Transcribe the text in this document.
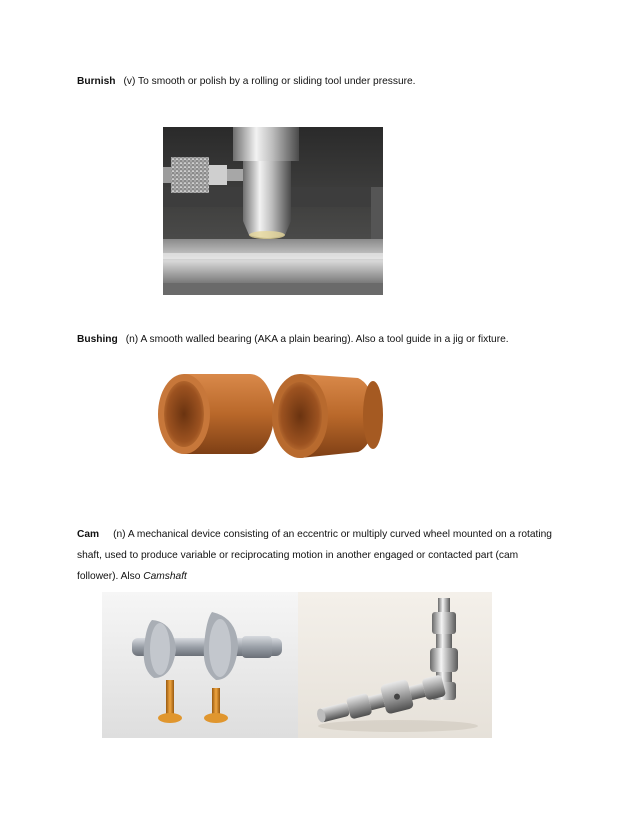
Burnish (v) To smooth or polish by a rolling or sliding tool under pressure.
Bushing (n) A smooth walled bearing (AKA a plain bearing). Also a tool guide in a jig or fixture.
Cam (n) A mechanical device consisting of an eccentric or multiply curved wheel mounted on a rotating shaft, used to produce variable or reciprocating motion in another engaged or contacted part (cam follower). Also Camshaft
